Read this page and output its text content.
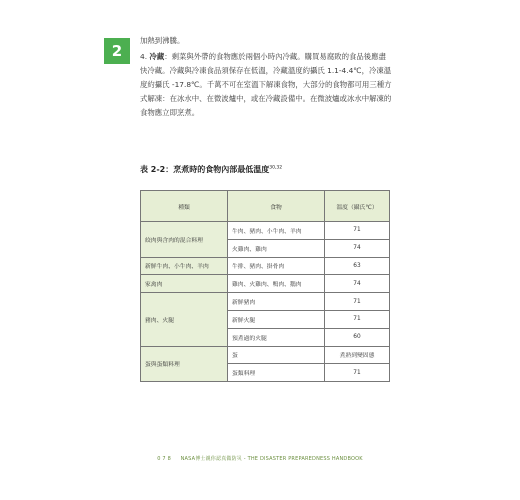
2

加熱到沸騰。

4. 冷藏：剩菜與外帶的食物應於兩個小時內冷藏。購買易腐敗的食品後應盡快冷藏。冷藏與冷凍食品須保存在低溫，冷藏溫度約攝氏 1.1-4.4℃，冷凍溫度約攝氏 -17.8℃。千萬不可在室溫下解凍食物，大部分的食物都可用三種方式解凍：在冰水中、在微波爐中，或在冷藏設備中。在微波爐或冰水中解凍的食物應立即烹煮。

表 2-2：烹煮時的食物內部最低溫度$^{30,32}$
種類	食物	溫度（攝氏℃）
絞肉與含肉的混合料理	牛肉、豬肉、小牛肉、羊肉	71
	火雞肉、雞肉	74
新鮮牛肉、小牛肉、羊肉	牛排、豬肉、掛骨肉	63
家禽肉	雞肉、火雞肉、鴨肉、鵝肉	74
豬肉、火腿	新鮮豬肉	71
	新鮮火腿	71
	預煮過的火腿	60
蛋與蛋類料理	蛋	煮熟到變固態
	蛋類料理	71
078 NASA博士親你認真做防災 - THE DISASTER PREPAREDNESS HANDBOOK
